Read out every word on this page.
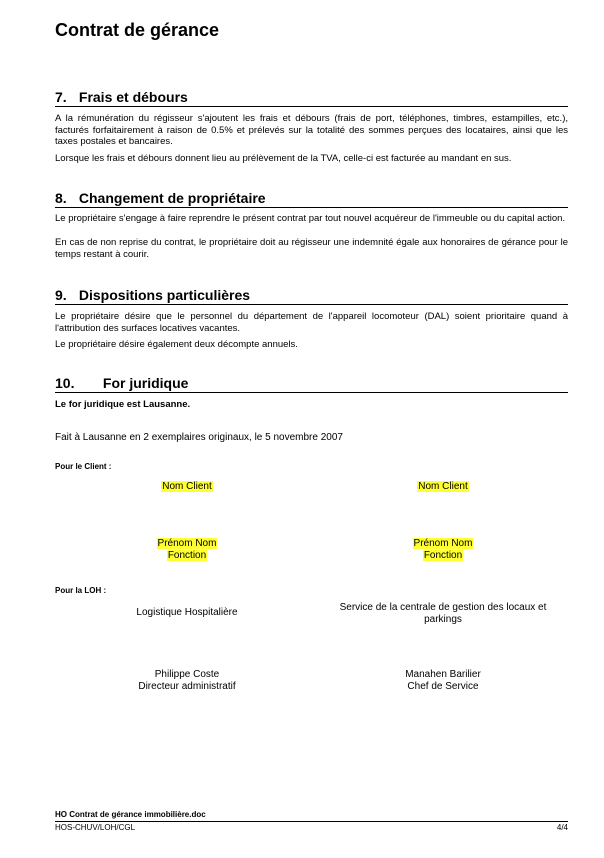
Contrat de gérance
7. Frais et débours

A la rémunération du régisseur s'ajoutent les frais et débours (frais de port, téléphones, timbres, estampilles, etc.), facturés forfaitairement à raison de 0.5% et prélevés sur la totalité des sommes perçues des locataires, ainsi que les taxes postales et bancaires.

Lorsque les frais et débours donnent lieu au prélèvement de la TVA, celle-ci est facturée au mandant en sus.

8. Changement de propriétaire

Le propriétaire s'engage à faire reprendre le présent contrat par tout nouvel acquéreur de l'immeuble ou du capital action.

En cas de non reprise du contrat, le propriétaire doit au régisseur une indemnité égale aux honoraires de gérance pour le temps restant à courir.

9. Dispositions particulières

Le propriétaire désire que le personnel du département de l'appareil locomoteur (DAL) soient prioritaire quand à l'attribution des surfaces locatives vacantes.

Le propriétaire désire également deux décompte annuels.

10. For juridique

Le for juridique est Lausanne.

Fait à Lausanne en 2 exemplaires originaux, le 5 novembre 2007

Pour le Client :

Nom Client
Prénom Nom
Fonction
Nom Client
Prénom Nom
Fonction

Pour la LOH :

Logistique Hospitalière
Philippe Coste
Directeur administratif
Service de la centrale de gestion des locaux et parkings
Manahen Barilier
Chef de Service

HO Contrat de gérance immobilière.doc

HOS-CHUV/LOH/CGL	4/4
